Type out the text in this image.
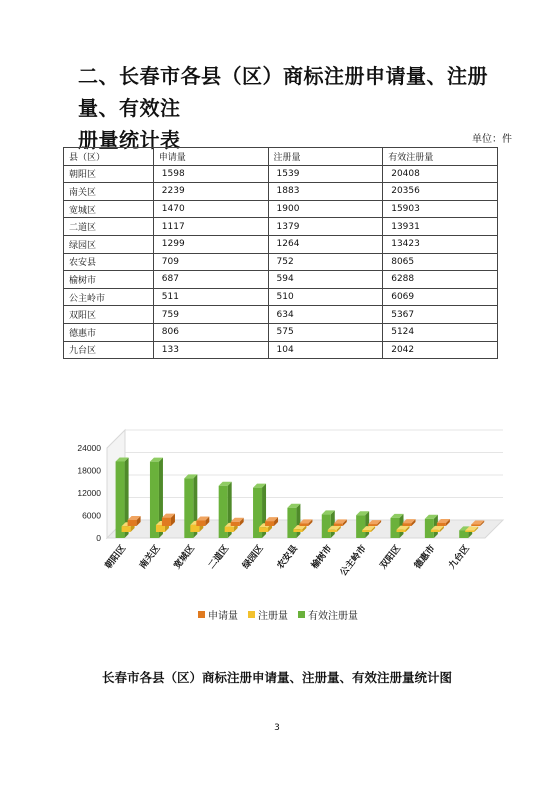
二、长春市各县（区）商标注册申请量、注册量、有效注
册量统计表	单位：件
县（区）	申请量	注册量	有效注册量
朝阳区	1598	1539	20408
南关区	2239	1883	20356
宽城区	1470	1900	15903
二道区	1117	1379	13931
绿园区	1299	1264	13423
农安县	709	752	8065
榆树市	687	594	6288
公主岭市	511	510	6069
双阳区	759	634	5367
德惠市	806	575	5124
九台区	133	104	2042
24000
18000
12000
6000
0
朝阳区 南关区 宽城区 二道区 绿园区 农安县 榆树市 公主岭市 双阳区 德惠市 九台区
申请量 注册量 有效注册量
长春市各县（区）商标注册申请量、注册量、有效注册量统计图
3
